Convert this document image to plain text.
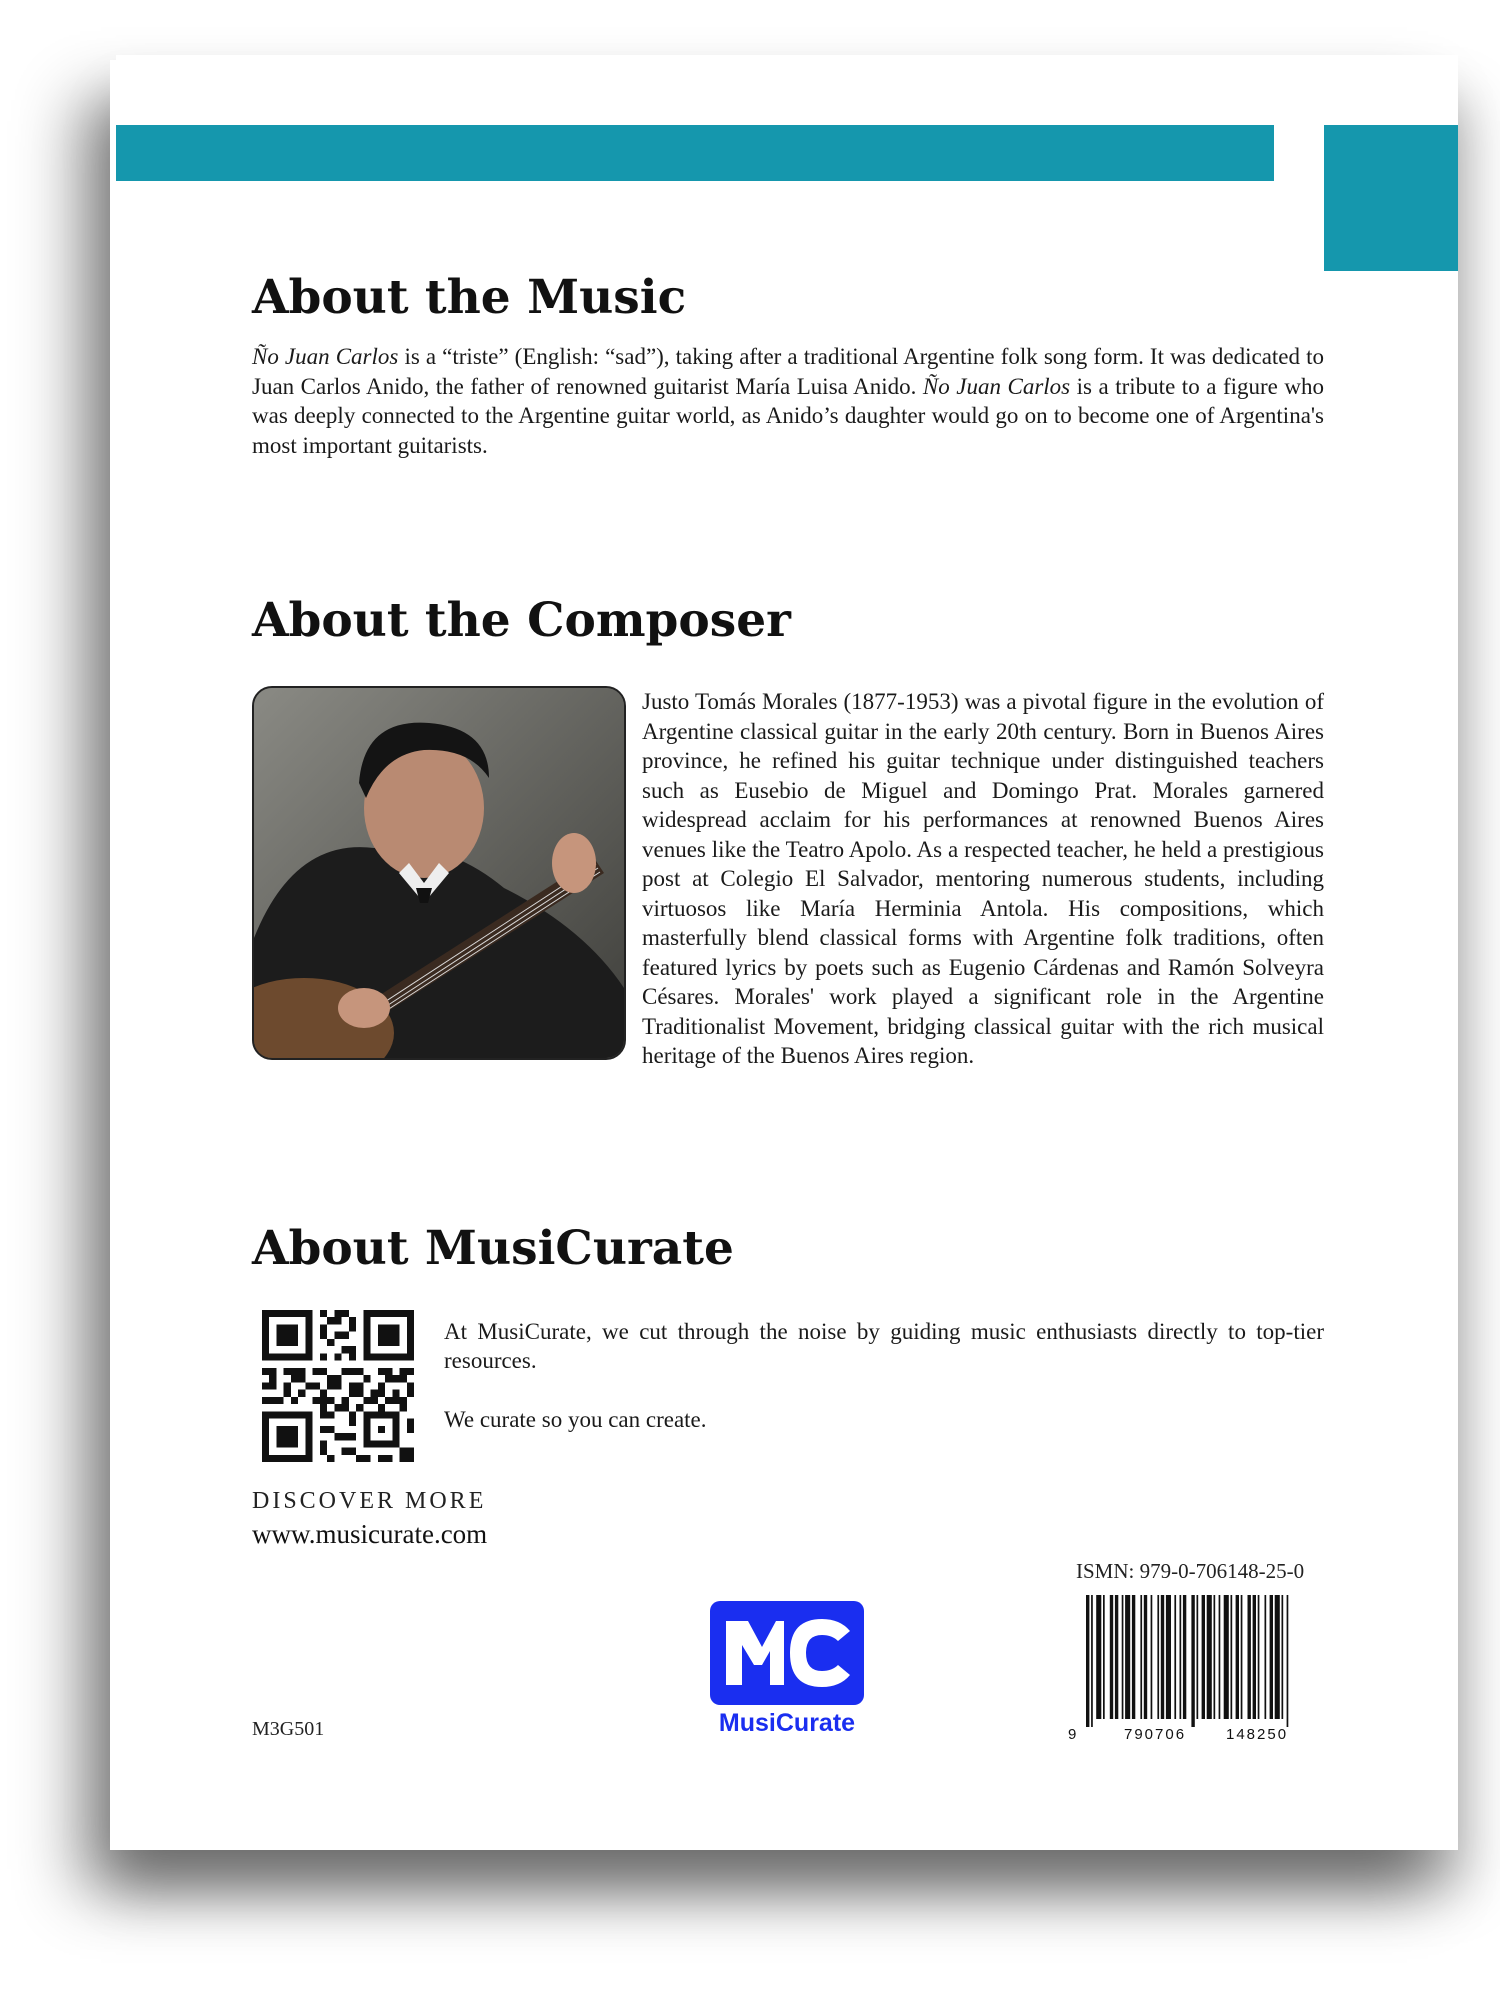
About the Music
Ño Juan Carlos is a “triste” (English: “sad”), taking after a traditional Argentine folk song form. It was dedicated to Juan Carlos Anido, the father of renowned guitarist María Luisa Anido. Ño Juan Carlos is a tribute to a figure who was deeply connected to the Argentine guitar world, as Anido’s daughter would go on to become one of Argentina's most important guitarists.
About the Composer
Justo Tomás Morales (1877-1953) was a pivotal figure in the evolution of Argentine classical guitar in the early 20th century. Born in Buenos Aires province, he refined his guitar technique under distinguished teachers such as Eusebio de Miguel and Domingo Prat. Morales garnered widespread acclaim for his performances at renowned Buenos Aires venues like the Teatro Apolo. As a respected teacher, he held a prestigious post at Colegio El Salvador, mentoring numerous students, including virtuosos like María Herminia Antola. His compositions, which masterfully blend classical forms with Argentine folk traditions, often featured lyrics by poets such as Eugenio Cárdenas and Ramón Solveyra Césares. Morales' work played a significant role in the Argentine Traditionalist Movement, bridging classical guitar with the rich musical heritage of the Buenos Aires region.
About MusiCurate
At MusiCurate, we cut through the noise by guiding music enthusiasts directly to top-tier resources.
We curate so you can create.
DISCOVER MORE
www.musicurate.com
M3G501	MusiCurate
ISMN: 979-0-706148-25-0
9	790706	148250
